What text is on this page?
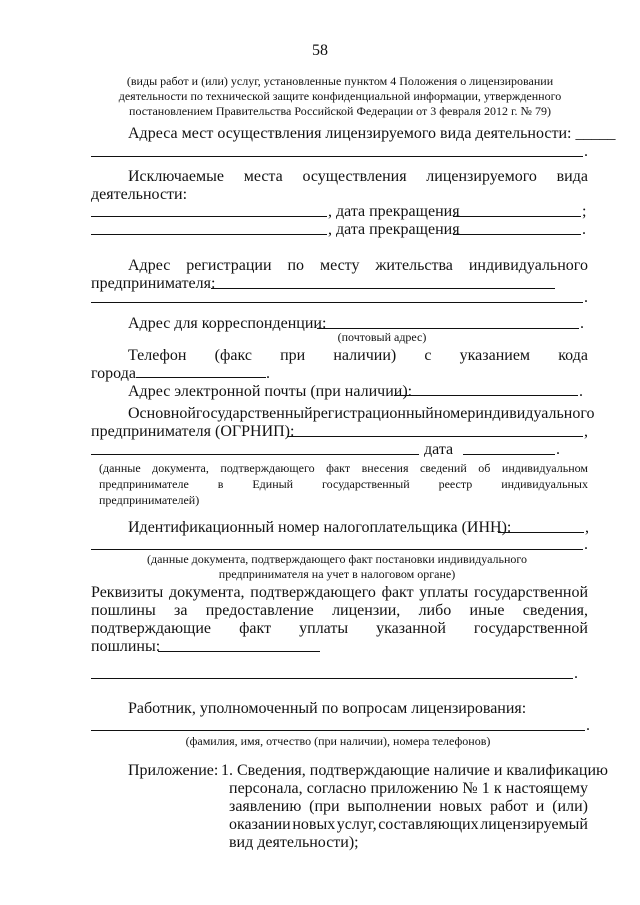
58
(виды работ и (или) услуг, установленные пунктом 4 Положения о лицензировании
деятельности по технической защите конфиденциальной информации, утвержденного
постановлением Правительства Российской Федерации от 3 февраля 2012 г. № 79)
Адреса мест осуществления лицензируемого вида деятельности: _____
.
Исключаемые места осуществления лицензируемого вида
деятельности:
, дата прекращения	;
, дата прекращения	.
Адрес регистрации по месту жительства индивидуального
предпринимателя:
.
Адрес для корреспонденции:	.
(почтовый адрес)
Телефон (факс при наличии) с указанием кода
города	.
Адрес электронной почты (при наличии):	.
Основной государственный регистрационный номер индивидуального
предпринимателя (ОГРНИП):	,
дата	.
(данные документа, подтверждающего факт внесения сведений об индивидуальном
предпринимателе в Единый государственный реестр индивидуальных
предпринимателей)
Идентификационный номер налогоплательщика (ИНН):	,
.
(данные документа, подтверждающего факт постановки индивидуального
предпринимателя на учет в налоговом органе)
Реквизиты документа, подтверждающего факт уплаты государственной
пошлины за предоставление лицензии, либо иные сведения,
подтверждающие факт уплаты указанной государственной
пошлины:
.
Работник, уполномоченный по вопросам лицензирования:
.
(фамилия, имя, отчество (при наличии), номера телефонов)
Приложение: 1. Сведения, подтверждающие наличие и квалификацию
персонала, согласно приложению № 1 к настоящему
заявлению (при выполнении новых работ и (или)
оказании новых услуг, составляющих лицензируемый
вид деятельности);
